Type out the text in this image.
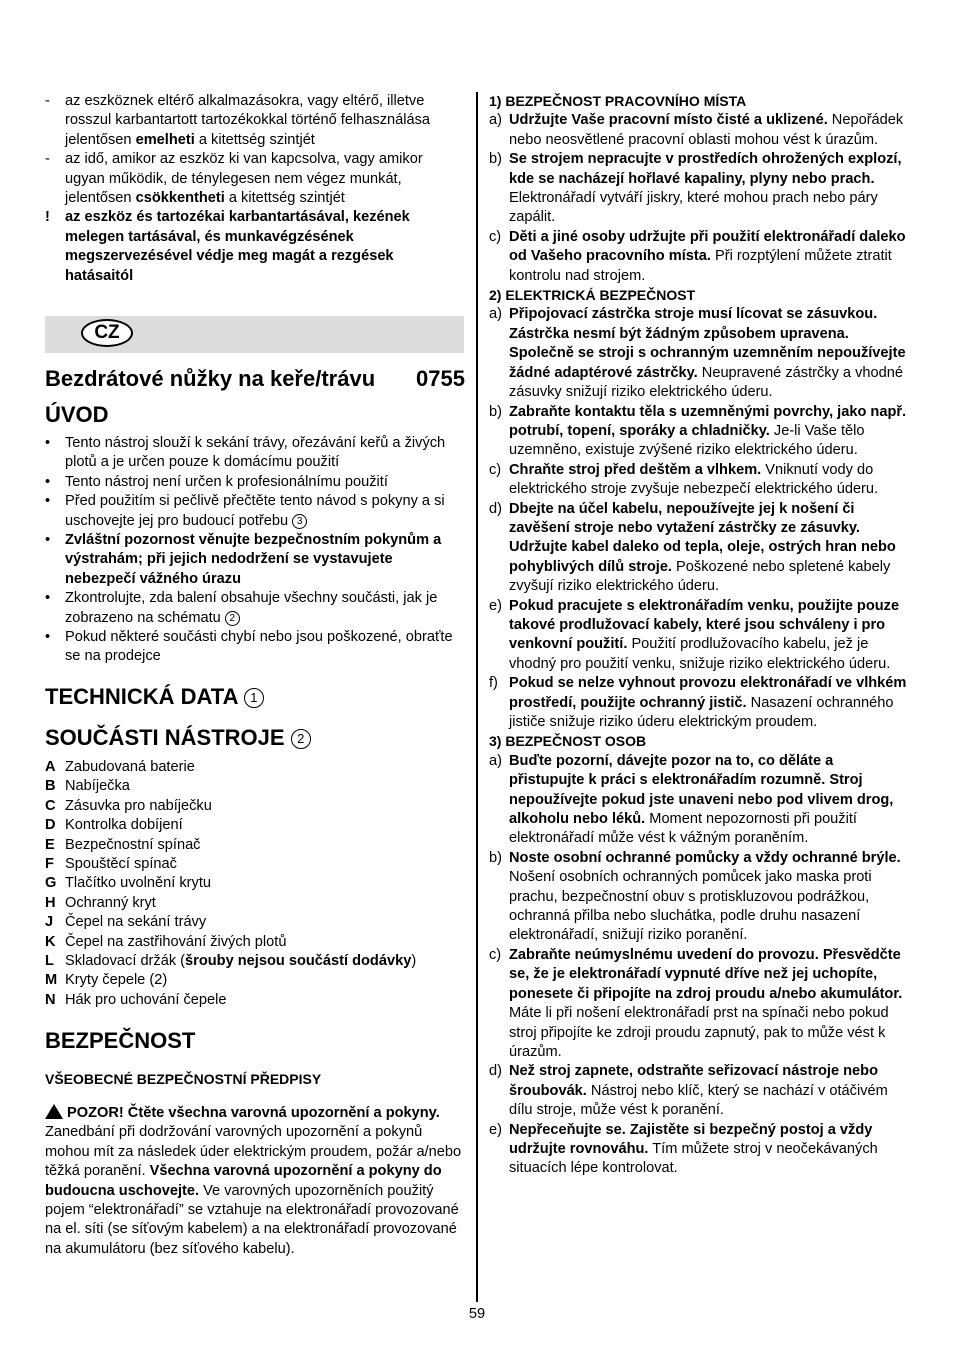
- az eszköznek eltérő alkalmazásokra, vagy eltérő, illetve rosszul karbantartott tartozékokkal történő felhasználása jelentősen emelheti a kitettség szintjét
- az idő, amikor az eszköz ki van kapcsolva, vagy amikor ugyan működik, de ténylegesen nem végez munkát, jelentősen csökkentheti a kitettség szintjét
! az eszköz és tartozékai karbantartásával, kezének melegen tartásával, és munkavégzésének megszervezésével védje meg magát a rezgések hatásaitól
CZ
Bezdrátové nůžky na keře/trávu 0755
ÚVOD
• Tento nástroj slouží k sekání trávy, ořezávání keřů a živých plotů a je určen pouze k domácímu použití
• Tento nástroj není určen k profesionálnímu použití
• Před použitím si pečlivě přečtěte tento návod s pokyny a si uschovejte jej pro budoucí potřebu 3
• Zvláštní pozornost věnujte bezpečnostním pokynům a výstrahám; při jejich nedodržení se vystavujete nebezpečí vážného úrazu
• Zkontrolujte, zda balení obsahuje všechny součásti, jak je zobrazeno na schématu 2
• Pokud některé součásti chybí nebo jsou poškozené, obraťte se na prodejce
TECHNICKÁ DATA 1
SOUČÁSTI NÁSTROJE 2
A Zabudovaná baterie
B Nabíječka
C Zásuvka pro nabíječku
D Kontrolka dobíjení
E Bezpečnostní spínač
F Spouštěcí spínač
G Tlačítko uvolnění krytu
H Ochranný kryt
J Čepel na sekání trávy
K Čepel na zastřihování živých plotů
L Skladovací držák (šrouby nejsou součástí dodávky)
M Kryty čepele (2)
N Hák pro uchování čepele
BEZPEČNOST
VŠEOBECNÉ BEZPEČNOSTNÍ PŘEDPISY
POZOR! Čtěte všechna varovná upozornění a pokyny. Zanedbání při dodržování varovných upozornění a pokynů mohou mít za následek úder elektrickým proudem, požár a/nebo těžká poranění. Všechna varovná upozornění a pokyny do budoucna uschovejte. Ve varovných upozorněních použitý pojem “elektronářadí” se vztahuje na elektronářadí provozované na el. síti (se síťovým kabelem) a na elektronářadí provozované na akumulátoru (bez síťového kabelu).
1) BEZPEČNOST PRACOVNÍHO MÍSTA
a) Udržujte Vaše pracovní místo čisté a uklizené. Nepořádek nebo neosvětlené pracovní oblasti mohou vést k úrazům.
b) Se strojem nepracujte v prostředích ohrožených explozí, kde se nacházejí hořlavé kapaliny, plyny nebo prach. Elektronářadí vytváří jiskry, které mohou prach nebo páry zapálit.
c) Děti a jiné osoby udržujte při použití elektronářadí daleko od Vašeho pracovního místa. Při rozptýlení můžete ztratit kontrolu nad strojem.
2) ELEKTRICKÁ BEZPEČNOST
a) Připojovací zástrčka stroje musí lícovat se zásuvkou. Zástrčka nesmí být žádným způsobem upravena. Společně se stroji s ochranným uzemněním nepoužívejte žádné adaptérové zástrčky. Neupravené zástrčky a vhodné zásuvky snižují riziko elektrického úderu.
b) Zabraňte kontaktu těla s uzemněnými povrchy, jako např. potrubí, topení, sporáky a chladničky. Je-li Vaše tělo uzemněno, existuje zvýšené riziko elektrického úderu.
c) Chraňte stroj před deštěm a vlhkem. Vniknutí vody do elektrického stroje zvyšuje nebezpečí elektrického úderu.
d) Dbejte na účel kabelu, nepoužívejte jej k nošení či zavěšení stroje nebo vytažení zástrčky ze zásuvky. Udržujte kabel daleko od tepla, oleje, ostrých hran nebo pohyblivých dílů stroje. Poškozené nebo spletené kabely zvyšují riziko elektrického úderu.
e) Pokud pracujete s elektronářadím venku, použijte pouze takové prodlužovací kabely, které jsou schváleny i pro venkovní použití. Použití prodlužovacího kabelu, jež je vhodný pro použití venku, snižuje riziko elektrického úderu.
f) Pokud se nelze vyhnout provozu elektronářadí ve vlhkém prostředí, použijte ochranný jistič. Nasazení ochranného jističe snižuje riziko úderu elektrickým proudem.
3) BEZPEČNOST OSOB
a) Buďte pozorní, dávejte pozor na to, co děláte a přistupujte k práci s elektronářadím rozumně. Stroj nepoužívejte pokud jste unaveni nebo pod vlivem drog, alkoholu nebo léků. Moment nepozornosti při použití elektronářadí může vést k vážným poraněním.
b) Noste osobní ochranné pomůcky a vždy ochranné brýle. Nošení osobních ochranných pomůcek jako maska proti prachu, bezpečnostní obuv s protiskluzovou podrážkou, ochranná přilba nebo sluchátka, podle druhu nasazení elektronářadí, snižují riziko poranění.
c) Zabraňte neúmyslnému uvedení do provozu. Přesvědčte se, že je elektronářadí vypnuté dříve než jej uchopíte, ponesete či připojíte na zdroj proudu a/nebo akumulátor. Máte li při nošení elektronářadí prst na spínači nebo pokud stroj připojíte ke zdroji proudu zapnutý, pak to může vést k úrazům.
d) Než stroj zapnete, odstraňte seřizovací nástroje nebo šroubovák. Nástroj nebo klíč, který se nachází v otáčivém dílu stroje, může vést k poranění.
e) Nepřeceňujte se. Zajistěte si bezpečný postoj a vždy udržujte rovnováhu. Tím můžete stroj v neočekávaných situacích lépe kontrolovat.
59
